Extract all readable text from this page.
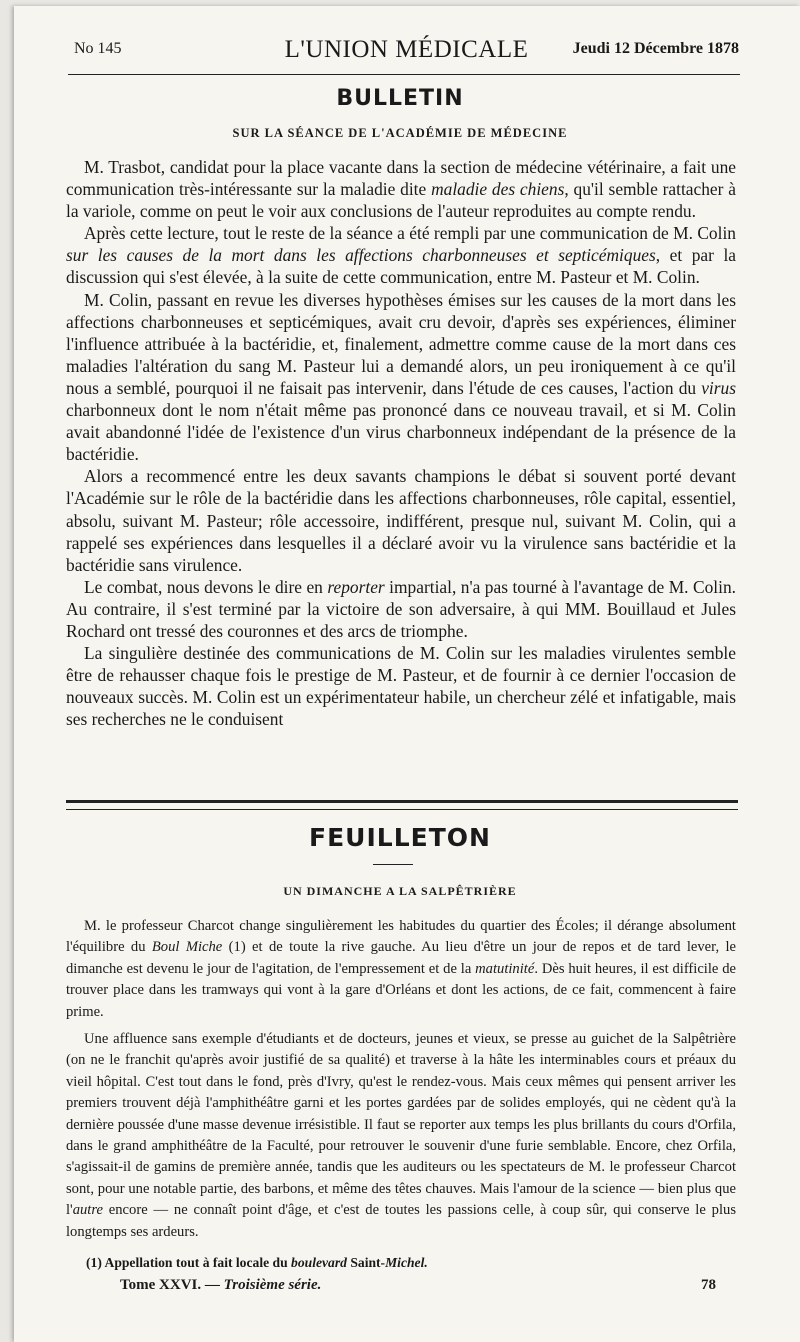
No 145	L'UNION MÉDICALE	Jeudi 12 Décembre 1878
BULLETIN
SUR LA SÉANCE DE L'ACADÉMIE DE MÉDECINE

M. Trasbot, candidat pour la place vacante dans la section de médecine vétérinaire, a fait une communication très-intéressante sur la maladie dite maladie des chiens, qu'il semble rattacher à la variole, comme on peut le voir aux conclusions de l'auteur reproduites au compte rendu.

Après cette lecture, tout le reste de la séance a été rempli par une communication de M. Colin sur les causes de la mort dans les affections charbonneuses et septicémiques, et par la discussion qui s'est élevée, à la suite de cette communication, entre M. Pasteur et M. Colin.

M. Colin, passant en revue les diverses hypothèses émises sur les causes de la mort dans les affections charbonneuses et septicémiques, avait cru devoir, d'après ses expériences, éliminer l'influence attribuée à la bactéridie, et, finalement, admettre comme cause de la mort dans ces maladies l'altération du sang M. Pasteur lui a demandé alors, un peu ironiquement à ce qu'il nous a semblé, pourquoi il ne faisait pas intervenir, dans l'étude de ces causes, l'action du virus charbonneux dont le nom n'était même pas prononcé dans ce nouveau travail, et si M. Colin avait abandonné l'idée de l'existence d'un virus charbonneux indépendant de la présence de la bactéridie.

Alors a recommencé entre les deux savants champions le débat si souvent porté devant l'Académie sur le rôle de la bactéridie dans les affections charbonneuses, rôle capital, essentiel, absolu, suivant M. Pasteur; rôle accessoire, indifférent, presque nul, suivant M. Colin, qui a rappelé ses expériences dans lesquelles il a déclaré avoir vu la virulence sans bactéridie et la bactéridie sans virulence.

Le combat, nous devons le dire en reporter impartial, n'a pas tourné à l'avantage de M. Colin. Au contraire, il s'est terminé par la victoire de son adversaire, à qui MM. Bouillaud et Jules Rochard ont tressé des couronnes et des arcs de triomphe.

La singulière destinée des communications de M. Colin sur les maladies virulentes semble être de rehausser chaque fois le prestige de M. Pasteur, et de fournir à ce dernier l'occasion de nouveaux succès. M. Colin est un expérimentateur habile, un chercheur zélé et infatigable, mais ses recherches ne le conduisent

FEUILLETON
UN DIMANCHE A LA SALPÊTRIÈRE

M. le professeur Charcot change singulièrement les habitudes du quartier des Écoles; il dérange absolument l'équilibre du Boul Miche (1) et de toute la rive gauche. Au lieu d'être un jour de repos et de tard lever, le dimanche est devenu le jour de l'agitation, de l'empressement et de la matutinité. Dès huit heures, il est difficile de trouver place dans les tramways qui vont à la gare d'Orléans et dont les actions, de ce fait, commencent à faire prime.

Une affluence sans exemple d'étudiants et de docteurs, jeunes et vieux, se presse au guichet de la Salpêtrière (on ne le franchit qu'après avoir justifié de sa qualité) et traverse à la hâte les interminables cours et préaux du vieil hôpital. C'est tout dans le fond, près d'Ivry, qu'est le rendez-vous. Mais ceux mêmes qui pensent arriver les premiers trouvent déjà l'amphithéâtre garni et les portes gardées par de solides employés, qui ne cèdent qu'à la dernière poussée d'une masse devenue irrésistible. Il faut se reporter aux temps les plus brillants du cours d'Orfila, dans le grand amphithéâtre de la Faculté, pour retrouver le souvenir d'une furie semblable. Encore, chez Orfila, s'agissait-il de gamins de première année, tandis que les auditeurs ou les spectateurs de M. le professeur Charcot sont, pour une notable partie, des barbons, et même des têtes chauves. Mais l'amour de la science — bien plus que l'autre encore — ne connaît point d'âge, et c'est de toutes les passions celle, à coup sûr, qui conserve le plus longtemps ses ardeurs.

(1) Appellation tout à fait locale du boulevard Saint-Michel.
Tome XXVI. — Troisième série.	78
